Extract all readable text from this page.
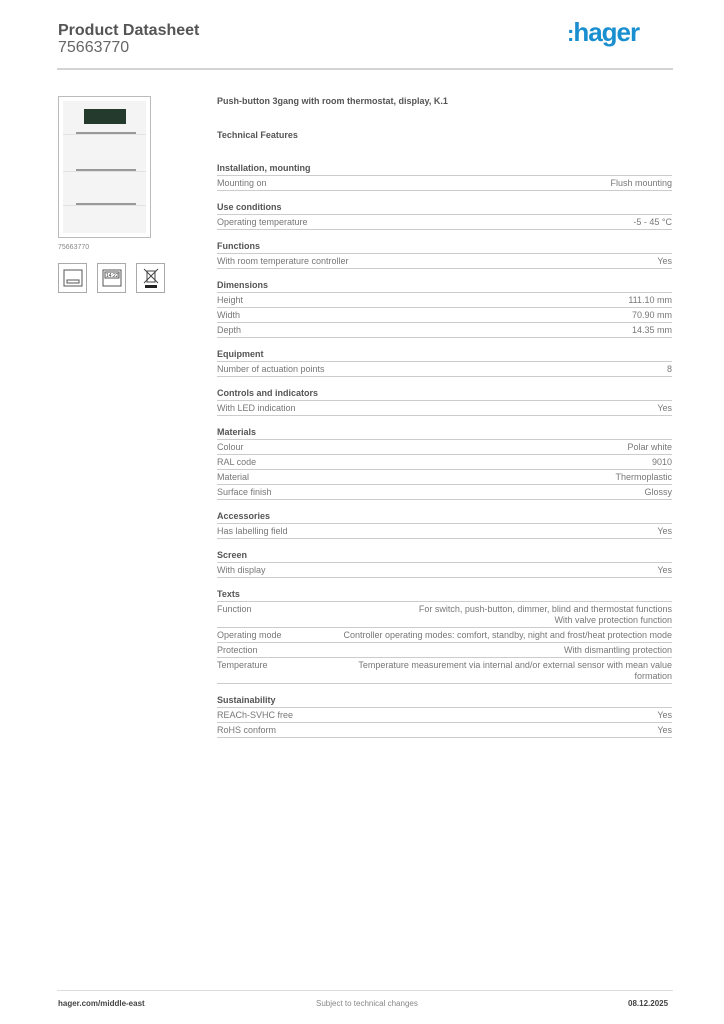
Product Datasheet
75663770
:hager
75663770
14:22
Push-button 3gang with room thermostat, display, K.1
Technical Features
Installation, mounting
Mounting on	Flush mounting
Use conditions
Operating temperature	-5 - 45 °C
Functions
With room temperature controller	Yes
Dimensions
Height	111.10 mm
Width	70.90 mm
Depth	14.35 mm
Equipment
Number of actuation points	8
Controls and indicators
With LED indication	Yes
Materials
Colour	Polar white
RAL code	9010
Material	Thermoplastic
Surface finish	Glossy
Accessories
Has labelling field	Yes
Screen
With display	Yes
Texts
Function	For switch, push-button, dimmer, blind and thermostat functions
With valve protection function
Operating mode	Controller operating modes: comfort, standby, night and frost/heat protection mode
Protection	With dismantling protection
Temperature	Temperature measurement via internal and/or external sensor with mean value formation
Sustainability
REACh-SVHC free	Yes
RoHS conform	Yes
hager.com/middle-east	Subject to technical changes	08.12.2025
